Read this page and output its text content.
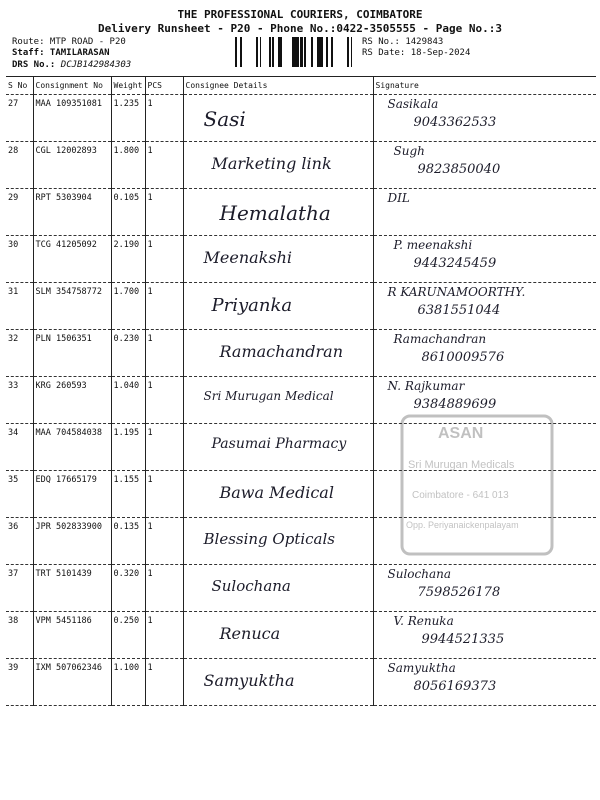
THE PROFESSIONAL COURIERS, COIMBATORE
Delivery Runsheet - P20 - Phone No.:0422-3505555 - Page No.:3
Route: MTP ROAD - P20
Staff: TAMILARASAN
DRS No.: DCJB142984303
RS No.: 1429843
RS Date: 18-Sep-2024
S No	Consignment No	Weight	PCS	Consignee Details	Signature
27	MAA 109351081	1.235	1	Sasi	Sasikala
9043362533

28	CGL 12002893	1.800	1	Marketing link	Sugh
9823850040

29	RPT 5303904	0.105	1	Hemalatha	DIL

30	TCG 41205092	2.190	1	Meenakshi	P. meenakshi
9443245459

31	SLM 354758772	1.700	1	Priyanka	R KARUNAMOORTHY.
6381551044

32	PLN 1506351	0.230	1	Ramachandran	Ramachandran
8610009576

33	KRG 260593	1.040	1	Sri Murugan Medical	N. Rajkumar
9384889699

34	MAA 704584038	1.195	1	Pasumai Pharmacy	

35	EDQ 17665179	1.155	1	Bawa Medical	

36	JPR 502833900	0.135	1	Blessing Opticals	

37	TRT 5101439	0.320	1	Sulochana	Sulochana
7598526178

38	VPM 5451186	0.250	1	Renuca	V. Renuka
9944521335

39	IXM 507062346	1.100	1	Samyuktha	Samyuktha
8056169373
ASAN
Sri Murugan Medicals
Coimbatore - 641 013
Opp. Periyanaickenpalayam
